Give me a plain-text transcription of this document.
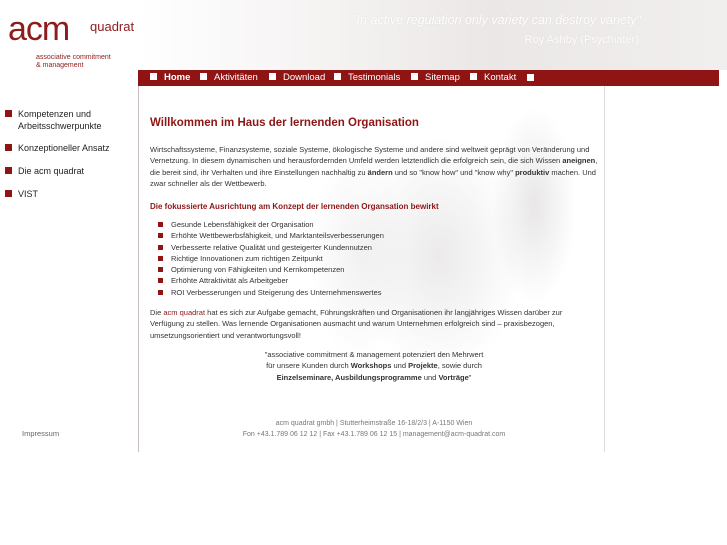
acm quadrat
associative commitment
& management
"In active regulation only variety can destroy variety"
Roy Ashby (Psychiater)
Home	Aktivitäten	Download	Testimonials	Sitemap	Kontakt
Kompetenzen und
Arbeitsschwerpunkte
Konzeptioneller Ansatz
Die acm quadrat
VIST
Impressum
Willkommen im Haus der lernenden Organisation
Wirtschaftssysteme, Finanzsysteme, soziale Systeme, ökologische Systeme und andere sind weltweit geprägt von Veränderung und Vernetzung. In diesem dynamischen und herausfordernden Umfeld werden letztendlich die erfolgreich sein, die sich Wissen aneignen, die bereit sind, ihr Verhalten und ihre Einstellungen nachhaltig zu ändern und so "know how" und "know why" produktiv machen. Und zwar schneller als der Wettbewerb.
Die fokussierte Ausrichtung am Konzept der lernenden Organsation bewirkt
Gesunde Lebensfähigkeit der Organisation
Erhöhte Wettbewerbsfähigkeit, und Marktanteilsverbesserungen
Verbesserte relative Qualität und gesteigerter Kundennutzen
Richtige Innovationen zum richtigen Zeitpunkt
Optimierung von Fähigkeiten und Kernkompetenzen
Erhöhte Attraktivität als Arbeitgeber
ROI Verbesserungen und Steigerung des Unternehmenswertes
Die acm quadrat hat es sich zur Aufgabe gemacht, Führungskräften und Organisationen ihr langjähriges Wissen darüber zur Verfügung zu stellen. Was lernende Organisationen ausmacht und warum Unternehmen erfolgreich sind – praxisbezogen, umsetzungsorientiert und verantwortungsvoll!
"associative commitment & management potenziert den Mehrwert
für unsere Kunden durch Workshops und Projekte, sowie durch
Einzelseminare, Ausbildungsprogramme und Vorträge"
acm quadrat gmbh | Stutterheimstraße 16-18/2/3 | A-1150 Wien
Fon +43.1.789 06 12 12 | Fax +43.1.789 06 12 15 | management@acm-quadrat.com
